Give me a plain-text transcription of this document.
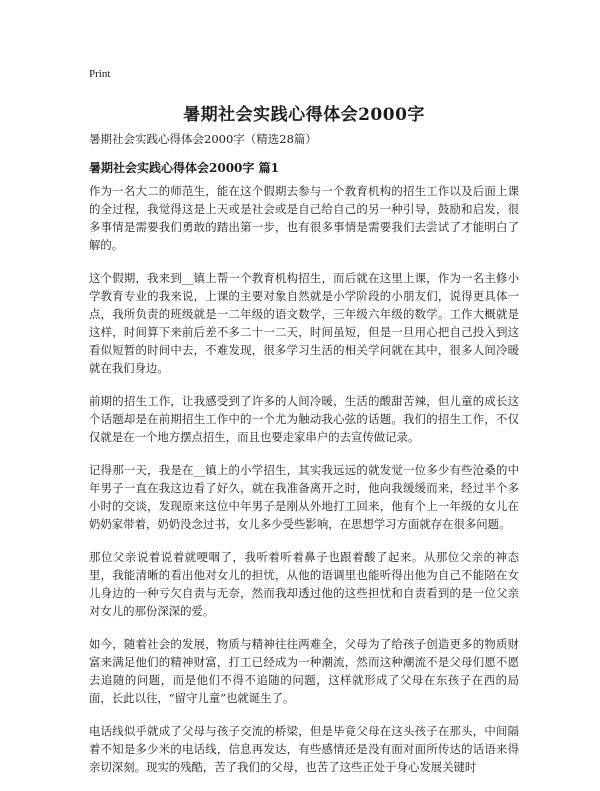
Print
暑期社会实践心得体会2000字
暑期社会实践心得体会2000字（精选28篇）
暑期社会实践心得体会2000字 篇1

作为一名大二的师范生，能在这个假期去参与一个教育机构的招生工作以及后面上课的全过程，我觉得这是上天或是社会或是自己给自己的另一种引导，鼓励和启发，很多事情是需要我们勇敢的踏出第一步，也有很多事情是需要我们去尝试了才能明白了解的。

这个假期，我来到__镇上帮一个教育机构招生，而后就在这里上课，作为一名主修小学教育专业的我来说，上课的主要对象自然就是小学阶段的小朋友们，说得更具体一点，我所负责的班级就是一二年级的语文数学，三年级六年级的数学。工作大概就是这样，时间算下来前后差不多二十一二天，时间虽短，但是一旦用心把自己投入到这看似短暂的时间中去，不难发现，很多学习生活的相关学问就在其中，很多人间冷暖就在我们身边。

前期的招生工作，让我感受到了许多的人间冷暖，生活的酸甜苦辣，但儿童的成长这个话题却是在前期招生工作中的一个尤为触动我心弦的话题。我们的招生工作，不仅仅就是在一个地方摆点招生，而且也要走家串户的去宣传做记录。

记得那一天，我是在__镇上的小学招生，其实我远远的就发觉一位多少有些沧桑的中年男子一直在我这边看了好久，就在我准备离开之时，他向我缓缓而来，经过半个多小时的交谈，发现原来这位中年男子是刚从外地打工回来，他有个上一年级的女儿在奶奶家带着，奶奶没念过书，女儿多少受些影响，在思想学习方面就存在很多问题。

那位父亲说着说着就哽咽了，我听着听着鼻子也跟着酸了起来。从那位父亲的神态里，我能清晰的看出他对女儿的担忧，从他的语调里也能听得出他为自己不能陪在女儿身边的一种亏欠自责与无奈，然而我却透过他的这些担忧和自责看到的是一位父亲对女儿的那份深深的爱。

如今，随着社会的发展，物质与精神往往两难全，父母为了给孩子创造更多的物质财富来满足他们的精神财富，打工已经成为一种潮流，然而这种潮流不是父母们愿不愿去追随的问题，而是他们不得不追随的问题，这样就形成了父母在东孩子在西的局面，长此以往，“留守儿童”也就诞生了。

电话线似乎就成了父母与孩子交流的桥梁，但是毕竟父母在这头孩子在那头，中间隔着不知是多少米的电话线，信息再发达，有些感情还是没有面对面所传达的话语来得亲切深刻。现实的残酷，苦了我们的父母，也苦了这些正处于身心发展关键时
